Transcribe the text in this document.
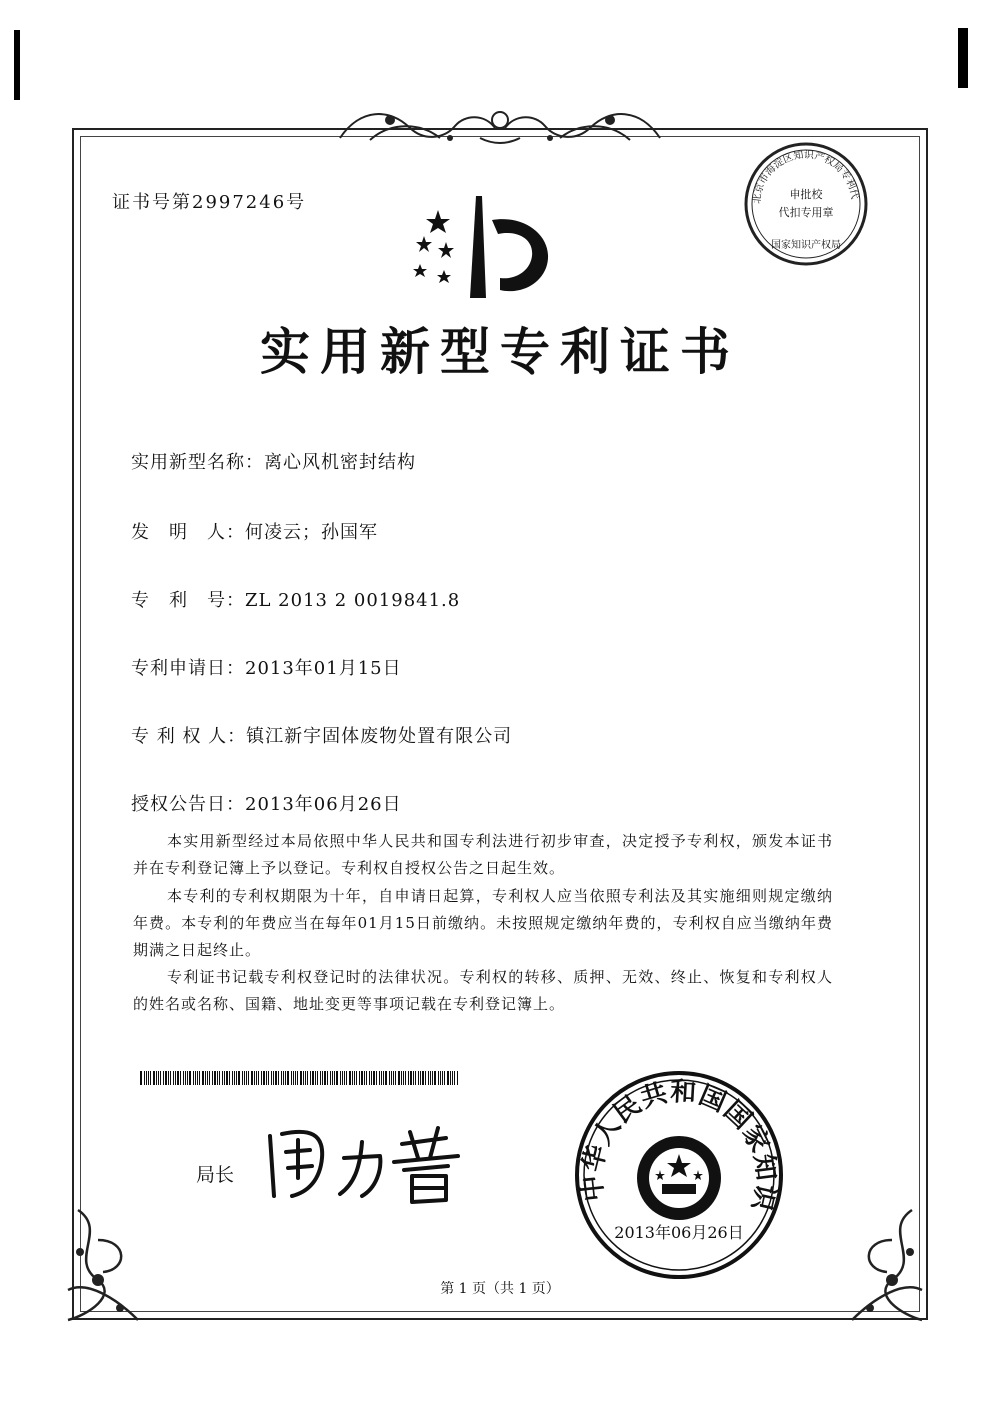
证书号第2997246号	北京市海淀区知识产权局专利代
申批校
代扣专用章
国家知识产权局
实用新型专利证书
实用新型名称：离心风机密封结构
发　明　人：何凌云；孙国军
专　利　号：ZL 2013 2 0019841.8
专利申请日：2013年01月15日
专 利 权 人：镇江新宇固体废物处置有限公司
授权公告日：2013年06月26日
本实用新型经过本局依照中华人民共和国专利法进行初步审查，决定授予专利权，颁发本证书并在专利登记簿上予以登记。专利权自授权公告之日起生效。
本专利的专利权期限为十年，自申请日起算，专利权人应当依照专利法及其实施细则规定缴纳年费。本专利的年费应当在每年01月15日前缴纳。未按照规定缴纳年费的，专利权自应当缴纳年费期满之日起终止。
专利证书记载专利权登记时的法律状况。专利权的转移、质押、无效、终止、恢复和专利权人的姓名或名称、国籍、地址变更等事项记载在专利登记簿上。
局长
田力普
中华人民共和国国家知识
2013年06月26日
第 1 页（共 1 页）
